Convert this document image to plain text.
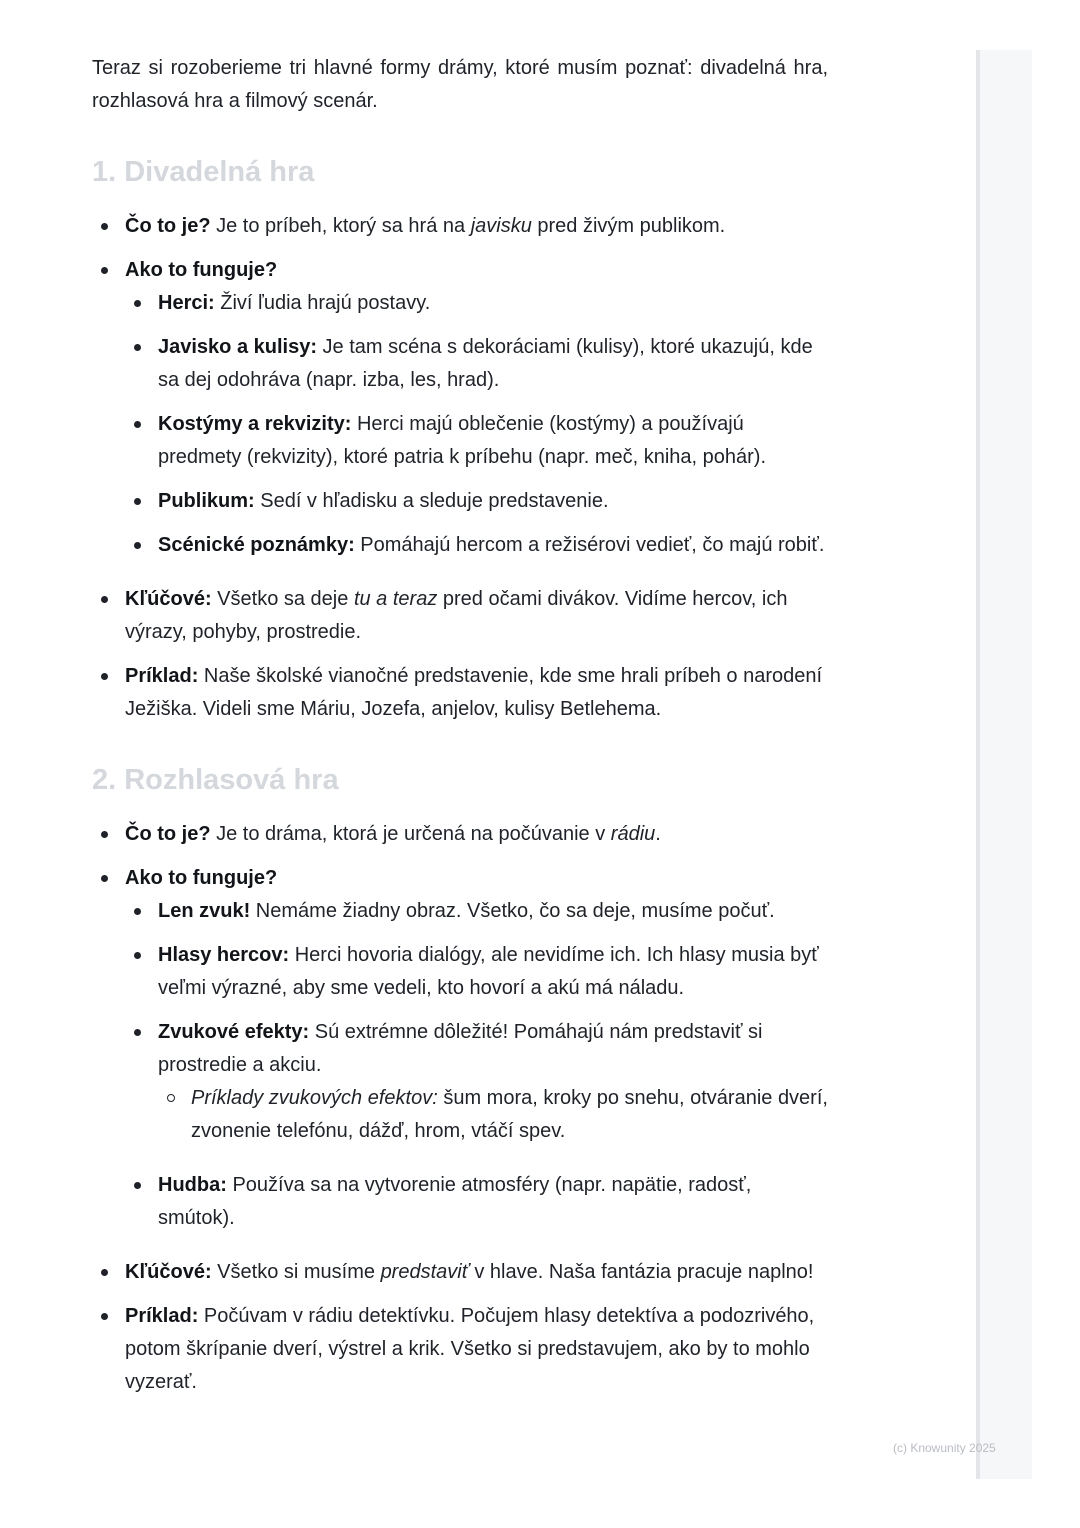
Teraz si rozoberieme tri hlavné formy drámy, ktoré musím poznať: divadelná hra, rozhlasová hra a filmový scenár.

1. Divadelná hra
Čo to je? Je to príbeh, ktorý sa hrá na javisku pred živým publikom.
Ako to funguje?
Herci: Živí ľudia hrajú postavy.
Javisko a kulisy: Je tam scéna s dekoráciami (kulisy), ktoré ukazujú, kde sa dej odohráva (napr. izba, les, hrad).
Kostýmy a rekvizity: Herci majú oblečenie (kostýmy) a používajú predmety (rekvizity), ktoré patria k príbehu (napr. meč, kniha, pohár).
Publikum: Sedí v hľadisku a sleduje predstavenie.
Scénické poznámky: Pomáhajú hercom a režisérovi vedieť, čo majú robiť.
Kľúčové: Všetko sa deje tu a teraz pred očami divákov. Vidíme hercov, ich výrazy, pohyby, prostredie.
Príklad: Naše školské vianočné predstavenie, kde sme hrali príbeh o narodení Ježiška. Videli sme Máriu, Jozefa, anjelov, kulisy Betlehema.
2. Rozhlasová hra
Čo to je? Je to dráma, ktorá je určená na počúvanie v rádiu.
Ako to funguje?
Len zvuk! Nemáme žiadny obraz. Všetko, čo sa deje, musíme počuť.
Hlasy hercov: Herci hovoria dialógy, ale nevidíme ich. Ich hlasy musia byť veľmi výrazné, aby sme vedeli, kto hovorí a akú má náladu.
Zvukové efekty: Sú extrémne dôležité! Pomáhajú nám predstaviť si prostredie a akciu.
Príklady zvukových efektov: šum mora, kroky po snehu, otváranie dverí, zvonenie telefónu, dážď, hrom, vtáčí spev.
Hudba: Používa sa na vytvorenie atmosféry (napr. napätie, radosť, smútok).
Kľúčové: Všetko si musíme predstaviť v hlave. Naša fantázia pracuje naplno!
Príklad: Počúvam v rádiu detektívku. Počujem hlasy detektíva a podozrivého, potom škrípanie dverí, výstrel a krik. Všetko si predstavujem, ako by to mohlo vyzerať.
(c) Knowunity 2025
